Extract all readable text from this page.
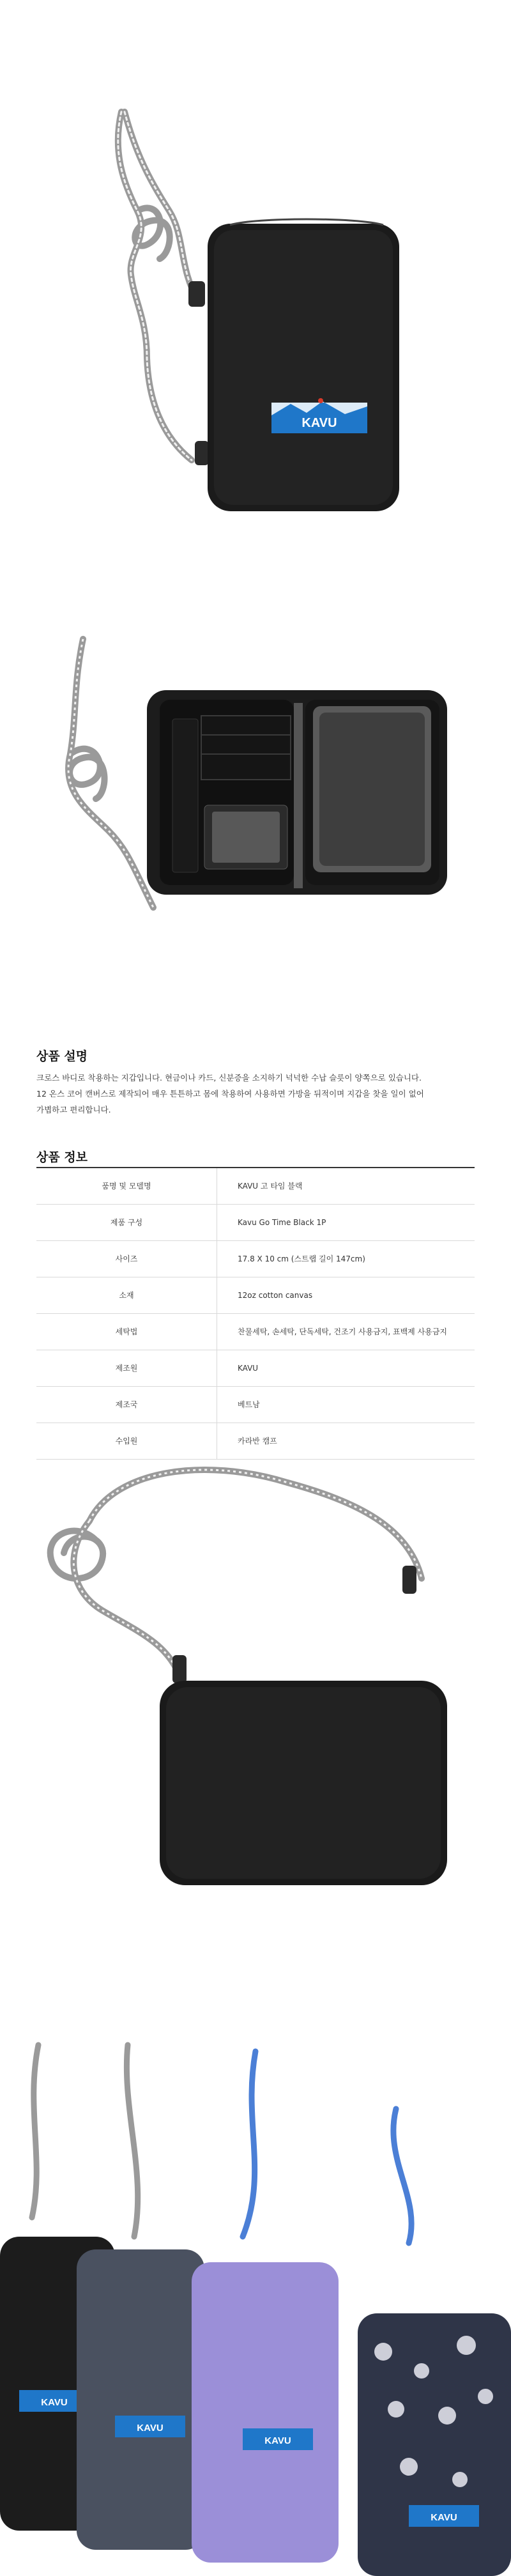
KAVU
상품 설명

크로스 바디로 착용하는 지갑입니다. 현금이나 카드, 신분증을 소지하기 넉넉한 수납 슬릇이 양쪽으로 있습니다.

12 온스 코어 캔버스로 제작되어 매우 튼튼하고 몸에 착용하여 사용하면 가방을 뒤적이며 지갑을 찾을 일이 없어

가볍하고 편리합니다.

상품 정보
품명 및 모델명	KAVU 고 타임 블랙
제품 구성	Kavu Go Time Black 1P
사이즈	17.8 X 10 cm (스트랩 길이 147cm)
소재	12oz cotton canvas
세탁법	찬물세탁, 손세탁, 단독세탁, 건조기 사용금지, 표백제 사용금지
제조원	KAVU
제조국	베트남
수입원	카라반 캠프
KAVU
KAVU
KAVU
KAVU
